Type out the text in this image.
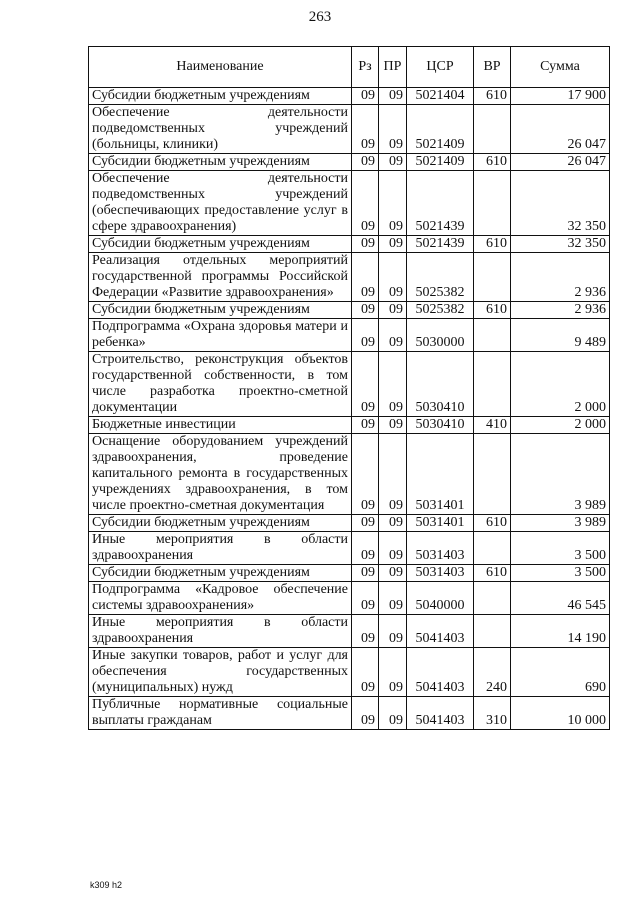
263
Наименование	Рз	ПР	ЦСР	ВР	Сумма
Субсидии бюджетным учреждениям	09	09	5021404	610	17 900
Обеспечение деятельности подведомственных учреждений (больницы, клиники)	09	09	5021409		26 047
Субсидии бюджетным учреждениям	09	09	5021409	610	26 047
Обеспечение деятельности подведомственных учреждений (обеспечивающих предоставление услуг в сфере здравоохранения)	09	09	5021439		32 350
Субсидии бюджетным учреждениям	09	09	5021439	610	32 350
Реализация отдельных мероприятий государственной программы Российской Федерации «Развитие здравоохранения»	09	09	5025382		2 936
Субсидии бюджетным учреждениям	09	09	5025382	610	2 936
Подпрограмма «Охрана здоровья матери и ребенка»	09	09	5030000		9 489
Строительство, реконструкция объектов государственной собственности, в том числе разработка проектно-сметной документации	09	09	5030410		2 000
Бюджетные инвестиции	09	09	5030410	410	2 000
Оснащение оборудованием учреждений здравоохранения, проведение капитального ремонта в государственных учреждениях здравоохранения, в том числе проектно-сметная документация	09	09	5031401		3 989
Субсидии бюджетным учреждениям	09	09	5031401	610	3 989
Иные мероприятия в области здравоохранения	09	09	5031403		3 500
Субсидии бюджетным учреждениям	09	09	5031403	610	3 500
Подпрограмма «Кадровое обеспечение системы здравоохранения»	09	09	5040000		46 545
Иные мероприятия в области здравоохранения	09	09	5041403		14 190
Иные закупки товаров, работ и услуг для обеспечения государственных (муниципальных) нужд	09	09	5041403	240	690
Публичные нормативные социальные выплаты гражданам	09	09	5041403	310	10 000
k309 h2
